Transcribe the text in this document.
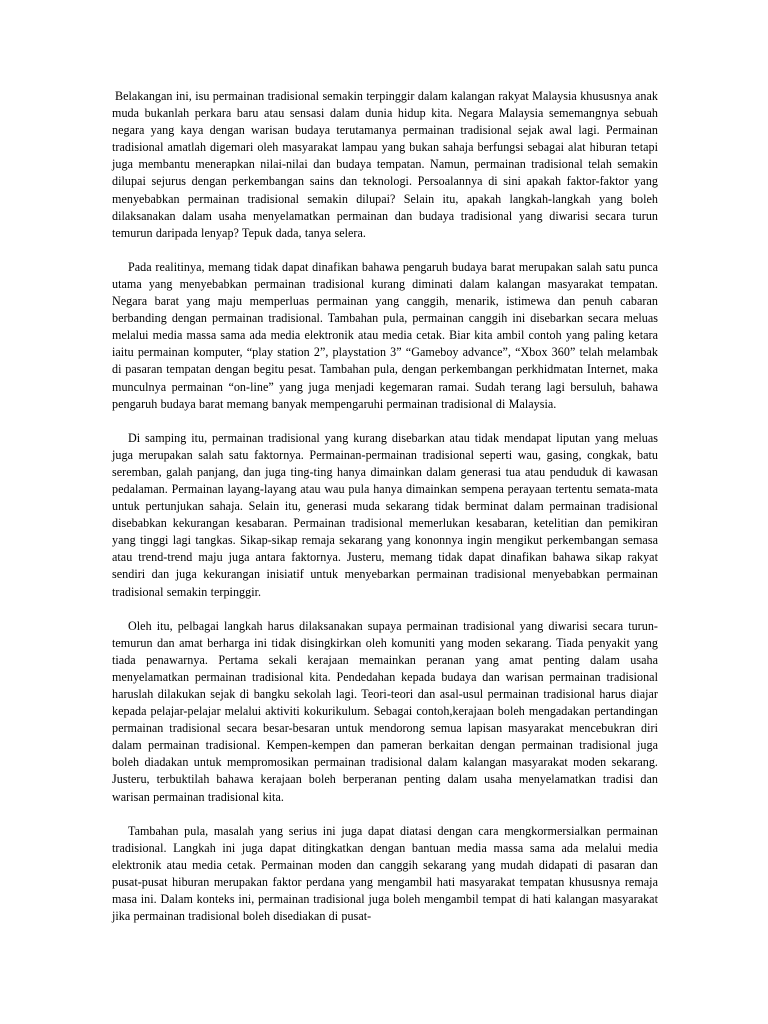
Belakangan ini, isu permainan tradisional semakin terpinggir dalam kalangan rakyat Malaysia khususnya anak muda bukanlah perkara baru atau sensasi dalam dunia hidup kita. Negara Malaysia sememangnya sebuah negara yang kaya dengan warisan budaya terutamanya permainan tradisional sejak awal lagi. Permainan tradisional amatlah digemari oleh masyarakat lampau yang bukan sahaja berfungsi sebagai alat hiburan tetapi juga membantu menerapkan nilai-nilai dan budaya tempatan. Namun, permainan tradisional telah semakin dilupai sejurus dengan perkembangan sains dan teknologi. Persoalannya di sini apakah faktor-faktor yang menyebabkan permainan tradisional semakin dilupai? Selain itu, apakah langkah-langkah yang boleh dilaksanakan dalam usaha menyelamatkan permainan dan budaya tradisional yang diwarisi secara turun temurun daripada lenyap? Tepuk dada, tanya selera.

Pada realitinya, memang tidak dapat dinafikan bahawa pengaruh budaya barat merupakan salah satu punca utama yang menyebabkan permainan tradisional kurang diminati dalam kalangan masyarakat tempatan. Negara barat yang maju memperluas permainan yang canggih, menarik, istimewa dan penuh cabaran berbanding dengan permainan tradisional. Tambahan pula, permainan canggih ini disebarkan secara meluas melalui media massa sama ada media elektronik atau media cetak. Biar kita ambil contoh yang paling ketara iaitu permainan komputer, “play station 2”, playstation 3” “Gameboy advance”, “Xbox 360” telah melambak di pasaran tempatan dengan begitu pesat. Tambahan pula, dengan perkembangan perkhidmatan Internet, maka munculnya permainan “on-line” yang juga menjadi kegemaran ramai. Sudah terang lagi bersuluh, bahawa pengaruh budaya barat memang banyak mempengaruhi permainan tradisional di Malaysia.

Di samping itu, permainan tradisional yang kurang disebarkan atau tidak mendapat liputan yang meluas juga merupakan salah satu faktornya. Permainan-permainan tradisional seperti wau, gasing, congkak, batu seremban, galah panjang, dan juga ting-ting hanya dimainkan dalam generasi tua atau penduduk di kawasan pedalaman. Permainan layang-layang atau wau pula hanya dimainkan sempena perayaan tertentu semata-mata untuk pertunjukan sahaja. Selain itu, generasi muda sekarang tidak berminat dalam permainan tradisional disebabkan kekurangan kesabaran. Permainan tradisional memerlukan kesabaran, ketelitian dan pemikiran yang tinggi lagi tangkas. Sikap-sikap remaja sekarang yang kononnya ingin mengikut perkembangan semasa atau trend-trend maju juga antara faktornya. Justeru, memang tidak dapat dinafikan bahawa sikap rakyat sendiri dan juga kekurangan inisiatif untuk menyebarkan permainan tradisional menyebabkan permainan tradisional semakin terpinggir.

Oleh itu, pelbagai langkah harus dilaksanakan supaya permainan tradisional yang diwarisi secara turun-temurun dan amat berharga ini tidak disingkirkan oleh komuniti yang moden sekarang. Tiada penyakit yang tiada penawarnya. Pertama sekali kerajaan memainkan peranan yang amat penting dalam usaha menyelamatkan permainan tradisional kita. Pendedahan kepada budaya dan warisan permainan tradisional haruslah dilakukan sejak di bangku sekolah lagi. Teori-teori dan asal-usul permainan tradisional harus diajar kepada pelajar-pelajar melalui aktiviti kokurikulum. Sebagai contoh,kerajaan boleh mengadakan pertandingan permainan tradisional secara besar-besaran untuk mendorong semua lapisan masyarakat mencebukran diri dalam permainan tradisional. Kempen-kempen dan pameran berkaitan dengan permainan tradisional juga boleh diadakan untuk mempromosikan permainan tradisional dalam kalangan masyarakat moden sekarang. Justeru, terbuktilah bahawa kerajaan boleh berperanan penting dalam usaha menyelamatkan tradisi dan warisan permainan tradisional kita.

Tambahan pula, masalah yang serius ini juga dapat diatasi dengan cara mengkormersialkan permainan tradisional. Langkah ini juga dapat ditingkatkan dengan bantuan media massa sama ada melalui media elektronik atau media cetak. Permainan moden dan canggih sekarang yang mudah didapati di pasaran dan pusat-pusat hiburan merupakan faktor perdana yang mengambil hati masyarakat tempatan khususnya remaja masa ini. Dalam konteks ini, permainan tradisional juga boleh mengambil tempat di hati kalangan masyarakat jika permainan tradisional boleh disediakan di pusat-
